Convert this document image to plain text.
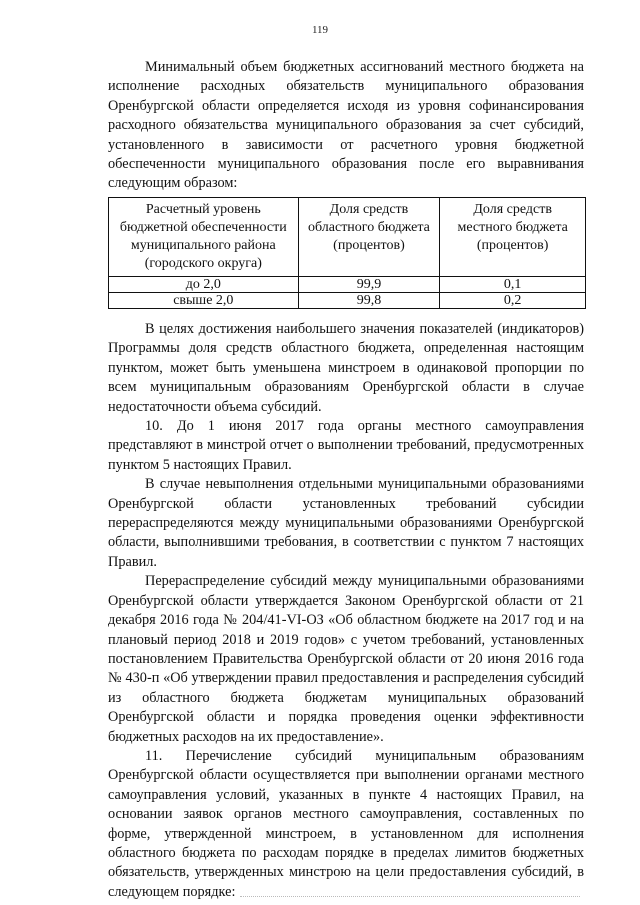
119

Минимальный объем бюджетных ассигнований местного бюджета на исполнение расходных обязательств муниципального образования Оренбургской области определяется исходя из уровня софинансирования расходного обязательства муниципального образования за счет субсидий, установленного в зависимости от расчетного уровня бюджетной обеспеченности муниципального образования после его выравнивания следующим образом:

Расчетный уровень бюджетной обеспеченности муниципального района (городского округа)	Доля средств областного бюджета (процентов)	Доля средств местного бюджета (процентов)
до 2,0	99,9	0,1
свыше 2,0	99,8	0,2

В целях достижения наибольшего значения показателей (индикаторов) Программы доля средств областного бюджета, определенная настоящим пунктом, может быть уменьшена минстроем в одинаковой пропорции по всем муниципальным образованиям Оренбургской области в случае недостаточности объема субсидий.

10. До 1 июня 2017 года органы местного самоуправления представляют в минстрой отчет о выполнении требований, предусмотренных пунктом 5 настоящих Правил.

В случае невыполнения отдельными муниципальными образованиями Оренбургской области установленных требований субсидии перераспределяются между муниципальными образованиями Оренбургской области, выполнившими требования, в соответствии с пунктом 7 настоящих Правил.

Перераспределение субсидий между муниципальными образованиями Оренбургской области утверждается Законом Оренбургской области от 21 декабря 2016 года № 204/41-VI-ОЗ «Об областном бюджете на 2017 год и на плановый период 2018 и 2019 годов» с учетом требований, установленных постановлением Правительства Оренбургской области от 20 июня 2016 года № 430-п «Об утверждении правил предоставления и распределения субсидий из областного бюджета бюджетам муниципальных образований Оренбургской области и порядка проведения оценки эффективности бюджетных расходов на их предоставление».

11. Перечисление субсидий муниципальным образованиям Оренбургской области осуществляется при выполнении органами местного самоуправления условий, указанных в пункте 4 настоящих Правил, на основании заявок органов местного самоуправления, составленных по форме, утвержденной минстроем, в установленном для исполнения областного бюджета по расходам порядке в пределах лимитов бюджетных обязательств, утвержденных минстрою на цели предоставления субсидий, в следующем порядке:
